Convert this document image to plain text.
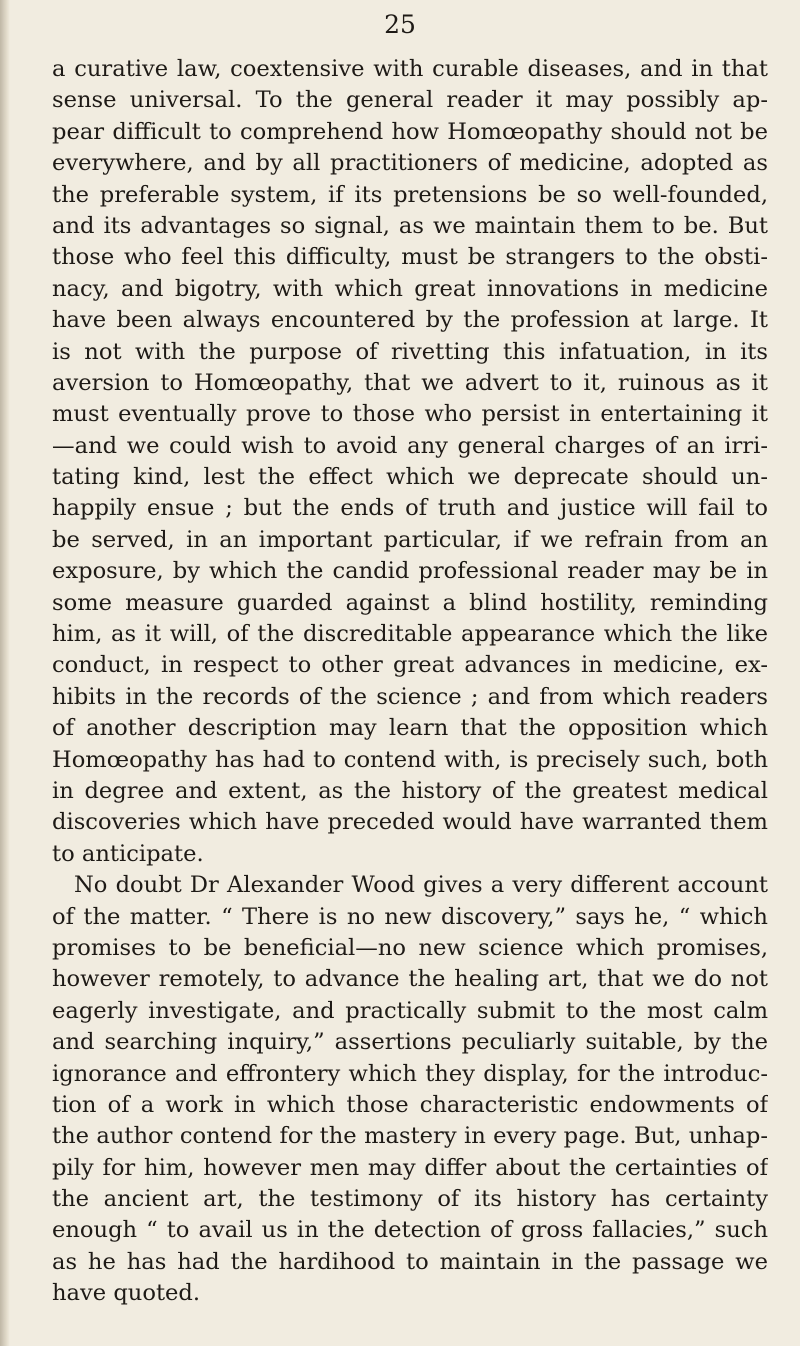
25
a curative law, coextensive with curable diseases, and in that
sense universal. To the general reader it may possibly ap-
pear difficult to comprehend how Homœopathy should not be
everywhere, and by all practitioners of medicine, adopted as
the preferable system, if its pretensions be so well-founded,
and its advantages so signal, as we maintain them to be. But
those who feel this difficulty, must be strangers to the obsti-
nacy, and bigotry, with which great innovations in medicine
have been always encountered by the profession at large. It
is not with the purpose of rivetting this infatuation, in its
aversion to Homœopathy, that we advert to it, ruinous as it
must eventually prove to those who persist in entertaining it
—and we could wish to avoid any general charges of an irri-
tating kind, lest the effect which we deprecate should un-
happily ensue ; but the ends of truth and justice will fail to
be served, in an important particular, if we refrain from an
exposure, by which the candid professional reader may be in
some measure guarded against a blind hostility, reminding
him, as it will, of the discreditable appearance which the like
conduct, in respect to other great advances in medicine, ex-
hibits in the records of the science ; and from which readers
of another description may learn that the opposition which
Homœopathy has had to contend with, is precisely such, both
in degree and extent, as the history of the greatest medical
discoveries which have preceded would have warranted them
to anticipate.
No doubt Dr Alexander Wood gives a very different account
of the matter. “ There is no new discovery,” says he, “ which
promises to be beneficial—no new science which promises,
however remotely, to advance the healing art, that we do not
eagerly investigate, and practically submit to the most calm
and searching inquiry,” assertions peculiarly suitable, by the
ignorance and effrontery which they display, for the introduc-
tion of a work in which those characteristic endowments of
the author contend for the mastery in every page. But, unhap-
pily for him, however men may differ about the certainties of
the ancient art, the testimony of its history has certainty
enough “ to avail us in the detection of gross fallacies,” such
as he has had the hardihood to maintain in the passage we
have quoted.
